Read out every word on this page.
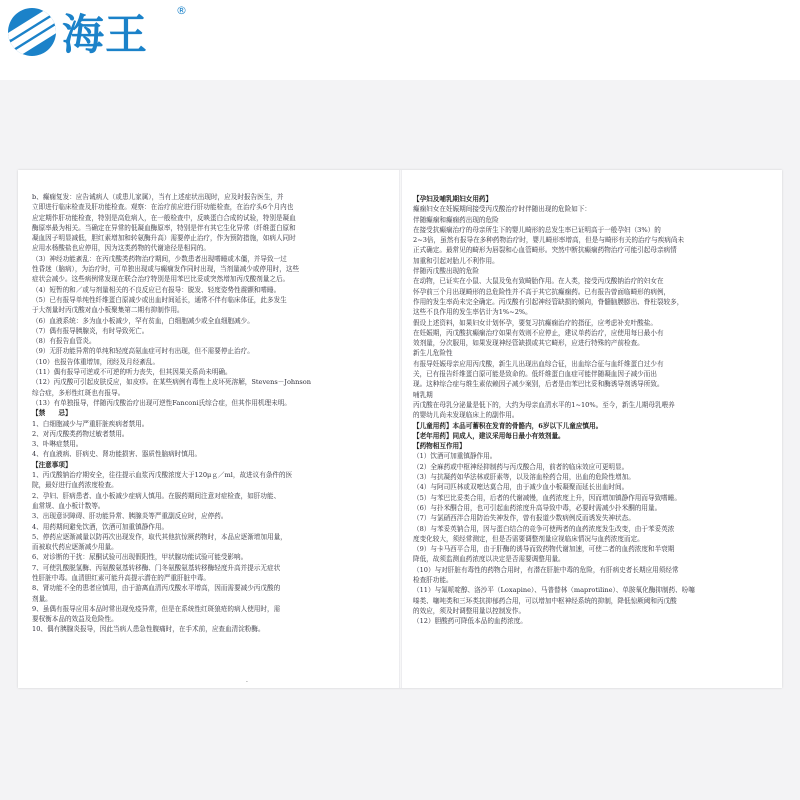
海王	®

b、癫痫复发：应告诫病人（或患儿家属），当有上述症状出现时，应及时报告医生，并

立即进行临床检查及肝功能检查。观察：在治疗前应进行肝功能检查，在治疗头6个月内也

应定期作肝功能检查，特别是高危病人，在一般检查中，反映蛋白合成的试验，特别是凝血

酶原率最为相关。当确定在异常的低凝血酶原率，特别是伴有其它生化异常（纤维蛋白原和

凝血因子明显减低，胆红素增加和转氨酶升高）需要停止治疗，作为预防措施，如病人同时

应用水杨酸盐也应停用，因为这类药物的代谢途径是相同的。

（3）神经功能紊乱：在丙戊酸类药物治疗期间，少数患者出现嗜睡或木僵，并导致一过

性昏迷（脑病），为治疗时，可单独出现或与癫痫发作同时出现，当剂量减少或停用时，这些

症状会减少。这些病例常发现在联合治疗特别是用苯巴比妥或突然增加丙戊酸剂量之后。

（4）短暂的和／或与剂量相关的不良反应已有报导：脱发、轻度姿势性震颤和嗜睡。

（5）已有报导单纯性纤维蛋白原减少或出血时间延长，通常不伴有临床体征，此多发生

于大剂量时丙戊酸对血小板聚集第二期有抑制作用。

（6）血液系统：多为血小板减少，罕有贫血，白细胞减少或全血细胞减少。

（7）偶有报导胰腺炎，有时导致死亡。

（8）有报告血管炎。

（9）无肝功能异常的单纯和轻度高氨血症可时有出现，但不需要停止治疗。

（10）也报告体重增加，闭经及月经紊乱。

（11）偶有报导可逆或不可逆的听力丧失，但其因果关系尚未明确。

（12）丙戊酸可引起皮肤反应，如皮疹。在某些病例有毒性上皮坏死溶解，Stevens－Johnson

综合症，多形性红斑也有报导。

（13）有单独报导，伴随丙戊酸治疗出现可逆性Fanconi氏综合症，但其作用机理未明。

【禁　　忌】

1、白细胞减少与严重肝脏疾病者禁用。

2、对丙戊酸类药物过敏者禁用。

3、卟啉症禁用。

4、有血液病、肝病史、肾功能损害、器质性脑病时慎用。

【注意事项】

1、丙戊酸钠治疗期安全，往往提示血浆丙戊酸浓度大于120μｇ／ml，故进议有条件的医

院，最好进行血药浓度检查。

2、孕妇、肝病患者、血小板减少症病人慎用。在服药期间注意对症检查，如肝功能、

血常规、血小板计数等。

3、出现意识障碍、肝功能异常、胰腺炎等严重副反应时，应停药。

4、用药期间避免饮酒，饮酒可加重镇静作用。

5、停药应逐渐减量以防再次出现发作，取代其他抗惊厥药物时，本品应逐渐增加用量，

而被取代药应逐渐减少用量。

6、对诊断的干扰：尿酮试验可出现假阳性，甲状腺功能试验可能受影响。

7、可使乳酸脱氢酶、丙氨酸氨基转移酶、门冬氨酸氨基转移酶轻度升高并提示无症状

性肝脏中毒。血清胆红素可能升高提示潜在的严重肝脏中毒。

8、肾功能不全的患者应慎用，由于游离血清丙戊酸水平增高，因而需要减少丙戊酸的

剂量。

9、虽偶有报导应用本品时常出现免疫异常，但是在系统性红斑狼疮的病人使用时，需

要权衡本品的效益及危险性。

10、偶有胰腺炎报导，因此当病人患急性腹痛时，在手术前，应查血清淀粉酶。

【孕妇及哺乳期妇女用药】

癫痫妇女在妊娠期间接受丙戊酸治疗时伴随出现的危险如下：

伴随癫痫和癫痫药出现的危险

在接受抗癫痫治疗的母亲所生下的婴儿畸形的总发生率已证明高于一般孕妇（3%）的

2~3倍，虽然有报导在多种药物治疗时，婴儿畸形率增高，但是与畸形有关的治疗与疾病尚未

正式确定。最常见的畸形为唇裂和心血管畸形。突然中断抗癫痫药物治疗可能引起母亲病情

加重和引起对胎儿不利作用。

伴随丙戊酸出现的危险

在动物，已证实在小鼠、大鼠及兔有致畸胎作用。在人类，接受丙戊酸钠治疗的妇女在

怀孕前三个月出现畸形的总危险性并不高于其它抗癫痫药。已有报告曾面临畸形的病例，

作用的发生率尚未完全确定。丙戊酸有引起神经管缺损的倾向，脊髓脑膜膨出、脊柱裂较多，

这些不良作用的发生率估计为1%~2%。

假设上述资料，如果妇女计划怀孕，要复习抗癫痫治疗的指征，应考虑补充叶酸盐。

在妊娠期，丙戊酸抗癫痫治疗如果有效则不应停止，建议单药治疗，应使用每日最小有

效剂量，分次服用，如果发现神经管缺损或其它畸形，应进行特殊的产前检查。

新生儿危险性

有报导妊娠母亲应用丙戊酸，新生儿出现出血综合征，出血综合征与血纤维蛋白过少有

关，已有报告纤维蛋白原可能是致命的。低纤维蛋白血症可能伴随凝血因子减少而出

现。这种综合症与维生素依赖因子减少案别，后者是由苯巴比妥和酶诱导剂诱导所致。

哺乳期

丙戊酸在母乳分泌量是低下的，大约为母亲血清水平的1~10%。至今，新生儿期母乳喂养

的婴幼儿尚未发现临床上的副作用。

【儿童用药】本品可蓄积在发育的骨骼内，6岁以下儿童应慎用。

【老年用药】同成人，建议采用每日最小有效剂量。

【药物相互作用】

（1）饮酒可加重镇静作用。

（2）全麻药或中枢神经抑制药与丙戊酸合用，前者的临床效应可更明显。

（3）与抗凝药如华法林或肝素等，以及溶血栓药合用，出血的危险性增加。

（4）与阿司匹林或双嘧达莫合用，由于减少血小板凝聚而延长出血时间。

（5）与苯巴比妥类合用，后者的代谢减慢，血药浓度上升，因而增加镇静作用而导致嗜睡。

（6）与扑米酮合用，也可引起血药浓度升高导致中毒，必要时需减少扑米酮的用量。

（7）与氯硝西泮合用防治失神发作，曾有报道少数病例反而诱发失神状态。

（8）与苯妥英钠合用，因与蛋白结合的竞争可使两者的血药浓度发生改变，由于苯妥英浓

度变化较大，须经常测定，但是否需要调整剂量应视临床情况与血药浓度而定。

（9）与卡马西平合用，由于肝酶的诱导而致药物代谢加速，可使二者的血药浓度和半衰期

降低，故须监测血药浓度以决定是否需要调整用量。

（10）与对肝脏有毒性的药物合用时，有潜在肝脏中毒的危险，有肝病史者长期应用须经常

检查肝功能。

（11）与氟哌啶醇、洛沙平（Loxapine）、马普替林（maprotiline）、单胺氧化酶抑制药、吩噻

嗪类、噻吨类和三环类抗抑郁药合用，可以增加中枢神经系统的抑制，降低惊厥阈和丙戊酸

的效应，须及时调整用量以控制发作。

（12）胆酸药可降低本品的血药浓度。

·
